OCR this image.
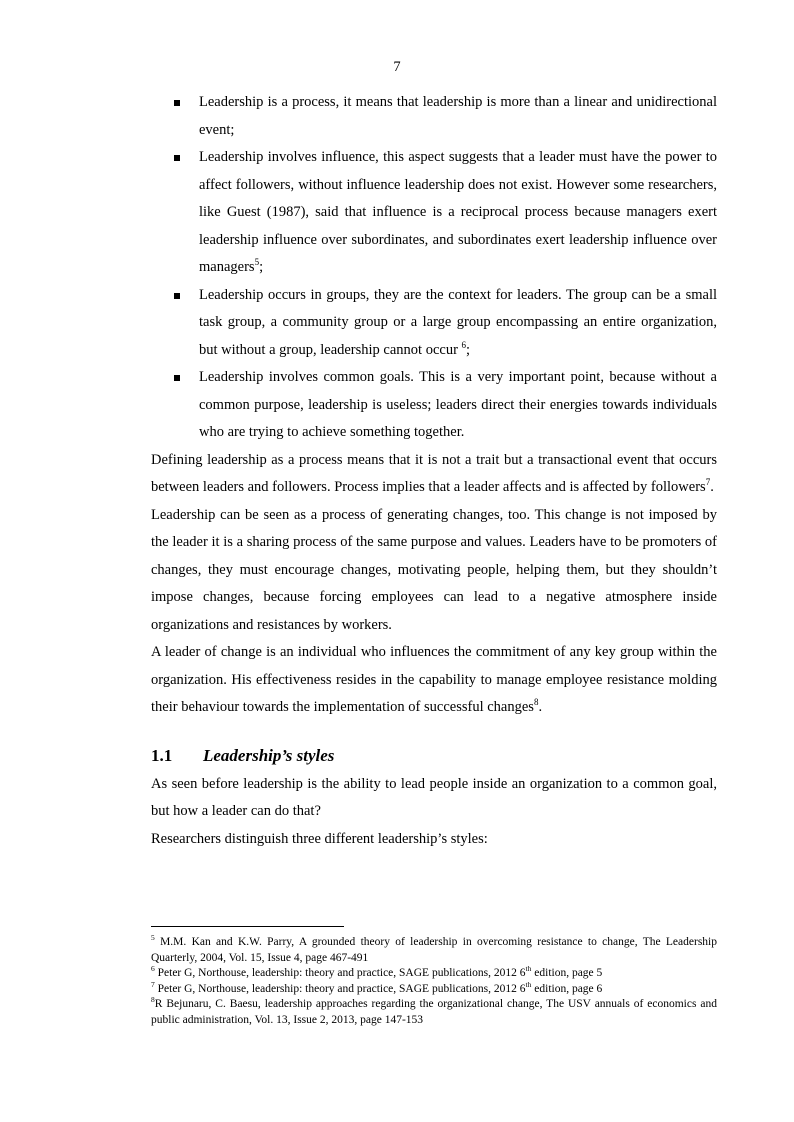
7
Leadership is a process, it means that leadership is more than a linear and unidirectional event;
Leadership involves influence, this aspect suggests that a leader must have the power to affect followers, without influence leadership does not exist. However some researchers, like Guest (1987), said that influence is a reciprocal process because managers exert leadership influence over subordinates, and subordinates exert leadership influence over managers$^5$;
Leadership occurs in groups, they are the context for leaders. The group can be a small task group, a community group or a large group encompassing an entire organization, but without a group, leadership cannot occur $^6$;
Leadership involves common goals. This is a very important point, because without a common purpose, leadership is useless; leaders direct their energies towards individuals who are trying to achieve something together.

Defining leadership as a process means that it is not a trait but a transactional event that occurs between leaders and followers. Process implies that a leader affects and is affected by followers$^7$.

Leadership can be seen as a process of generating changes, too. This change is not imposed by the leader it is a sharing process of the same purpose and values. Leaders have to be promoters of changes, they must encourage changes, motivating people, helping them, but they shouldn’t impose changes, because forcing employees can lead to a negative atmosphere inside organizations and resistances by workers.

A leader of change is an individual who influences the commitment of any key group within the organization. His effectiveness resides in the capability to manage employee resistance molding their behaviour towards the implementation of successful changes$^8$.

1.1 Leadership’s styles

As seen before leadership is the ability to lead people inside an organization to a common goal, but how a leader can do that?

Researchers distinguish three different leadership’s styles:

$^5$ M.M. Kan and K.W. Parry, A grounded theory of leadership in overcoming resistance to change, The Leadership Quarterly, 2004, Vol. 15, Issue 4, page 467-491

$^6$ Peter G, Northouse, leadership: theory and practice, SAGE publications, 2012 6th edition, page 5

$^7$ Peter G, Northouse, leadership: theory and practice, SAGE publications, 2012 6th edition, page 6

$^8$R Bejunaru, C. Baesu, leadership approaches regarding the organizational change, The USV annuals of economics and public administration, Vol. 13, Issue 2, 2013, page 147-153
